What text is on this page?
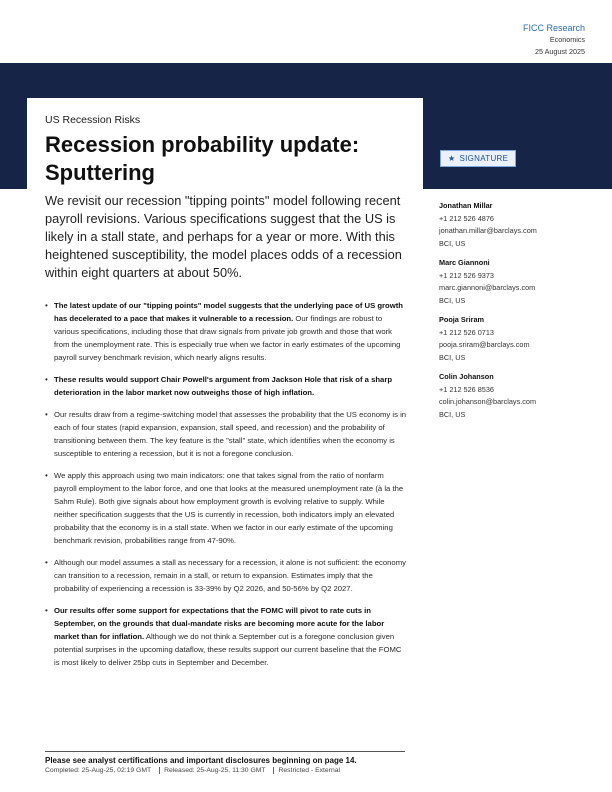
FICC Research
Economics
25 August 2025
US Recession Risks
Recession probability update: Sputtering
★ SIGNATURE

We revisit our recession "tipping points" model following recent payroll revisions. Various specifications suggest that the US is likely in a stall state, and perhaps for a year or more. With this heightened susceptibility, the model places odds of a recession within eight quarters at about 50%.

• The latest update of our "tipping points" model suggests that the underlying pace of US growth has decelerated to a pace that makes it vulnerable to a recession. Our findings are robust to various specifications, including those that draw signals from private job growth and those that work from the unemployment rate. This is especially true when we factor in early estimates of the upcoming payroll survey benchmark revision, which nearly aligns results.
• These results would support Chair Powell's argument from Jackson Hole that risk of a sharp deterioration in the labor market now outweighs those of high inflation.
• Our results draw from a regime-switching model that assesses the probability that the US economy is in each of four states (rapid expansion, expansion, stall speed, and recession) and the probability of transitioning between them. The key feature is the "stall" state, which identifies when the economy is susceptible to entering a recession, but it is not a foregone conclusion.
• We apply this approach using two main indicators: one that takes signal from the ratio of nonfarm payroll employment to the labor force, and one that looks at the measured unemployment rate (à la the Sahm Rule). Both give signals about how employment growth is evolving relative to supply. While neither specification suggests that the US is currently in recession, both indicators imply an elevated probability that the economy is in a stall state. When we factor in our early estimate of the upcoming benchmark revision, probabilities range from 47-90%.
• Although our model assumes a stall as necessary for a recession, it alone is not sufficient: the economy can transition to a recession, remain in a stall, or return to expansion. Estimates imply that the probability of experiencing a recession is 33-39% by Q2 2026, and 50-56% by Q2 2027.
• Our results offer some support for expectations that the FOMC will pivot to rate cuts in September, on the grounds that dual-mandate risks are becoming more acute for the labor market than for inflation. Although we do not think a September cut is a foregone conclusion given potential surprises in the upcoming dataflow, these results support our current baseline that the FOMC is most likely to deliver 25bp cuts in September and December.
Jonathan Millar
+1 212 526 4876
jonathan.millar@barclays.com
BCI, US
Marc Giannoni
+1 212 526 9373
marc.giannoni@barclays.com
BCI, US
Pooja Sriram
+1 212 526 0713
pooja.sriram@barclays.com
BCI, US
Colin Johanson
+1 212 526 8536
colin.johanson@barclays.com
BCI, US
Please see analyst certifications and important disclosures beginning on page 14.
Completed: 25-Aug-25, 02:19 GMT Released: 25-Aug-25, 11:30 GMT Restricted - External
